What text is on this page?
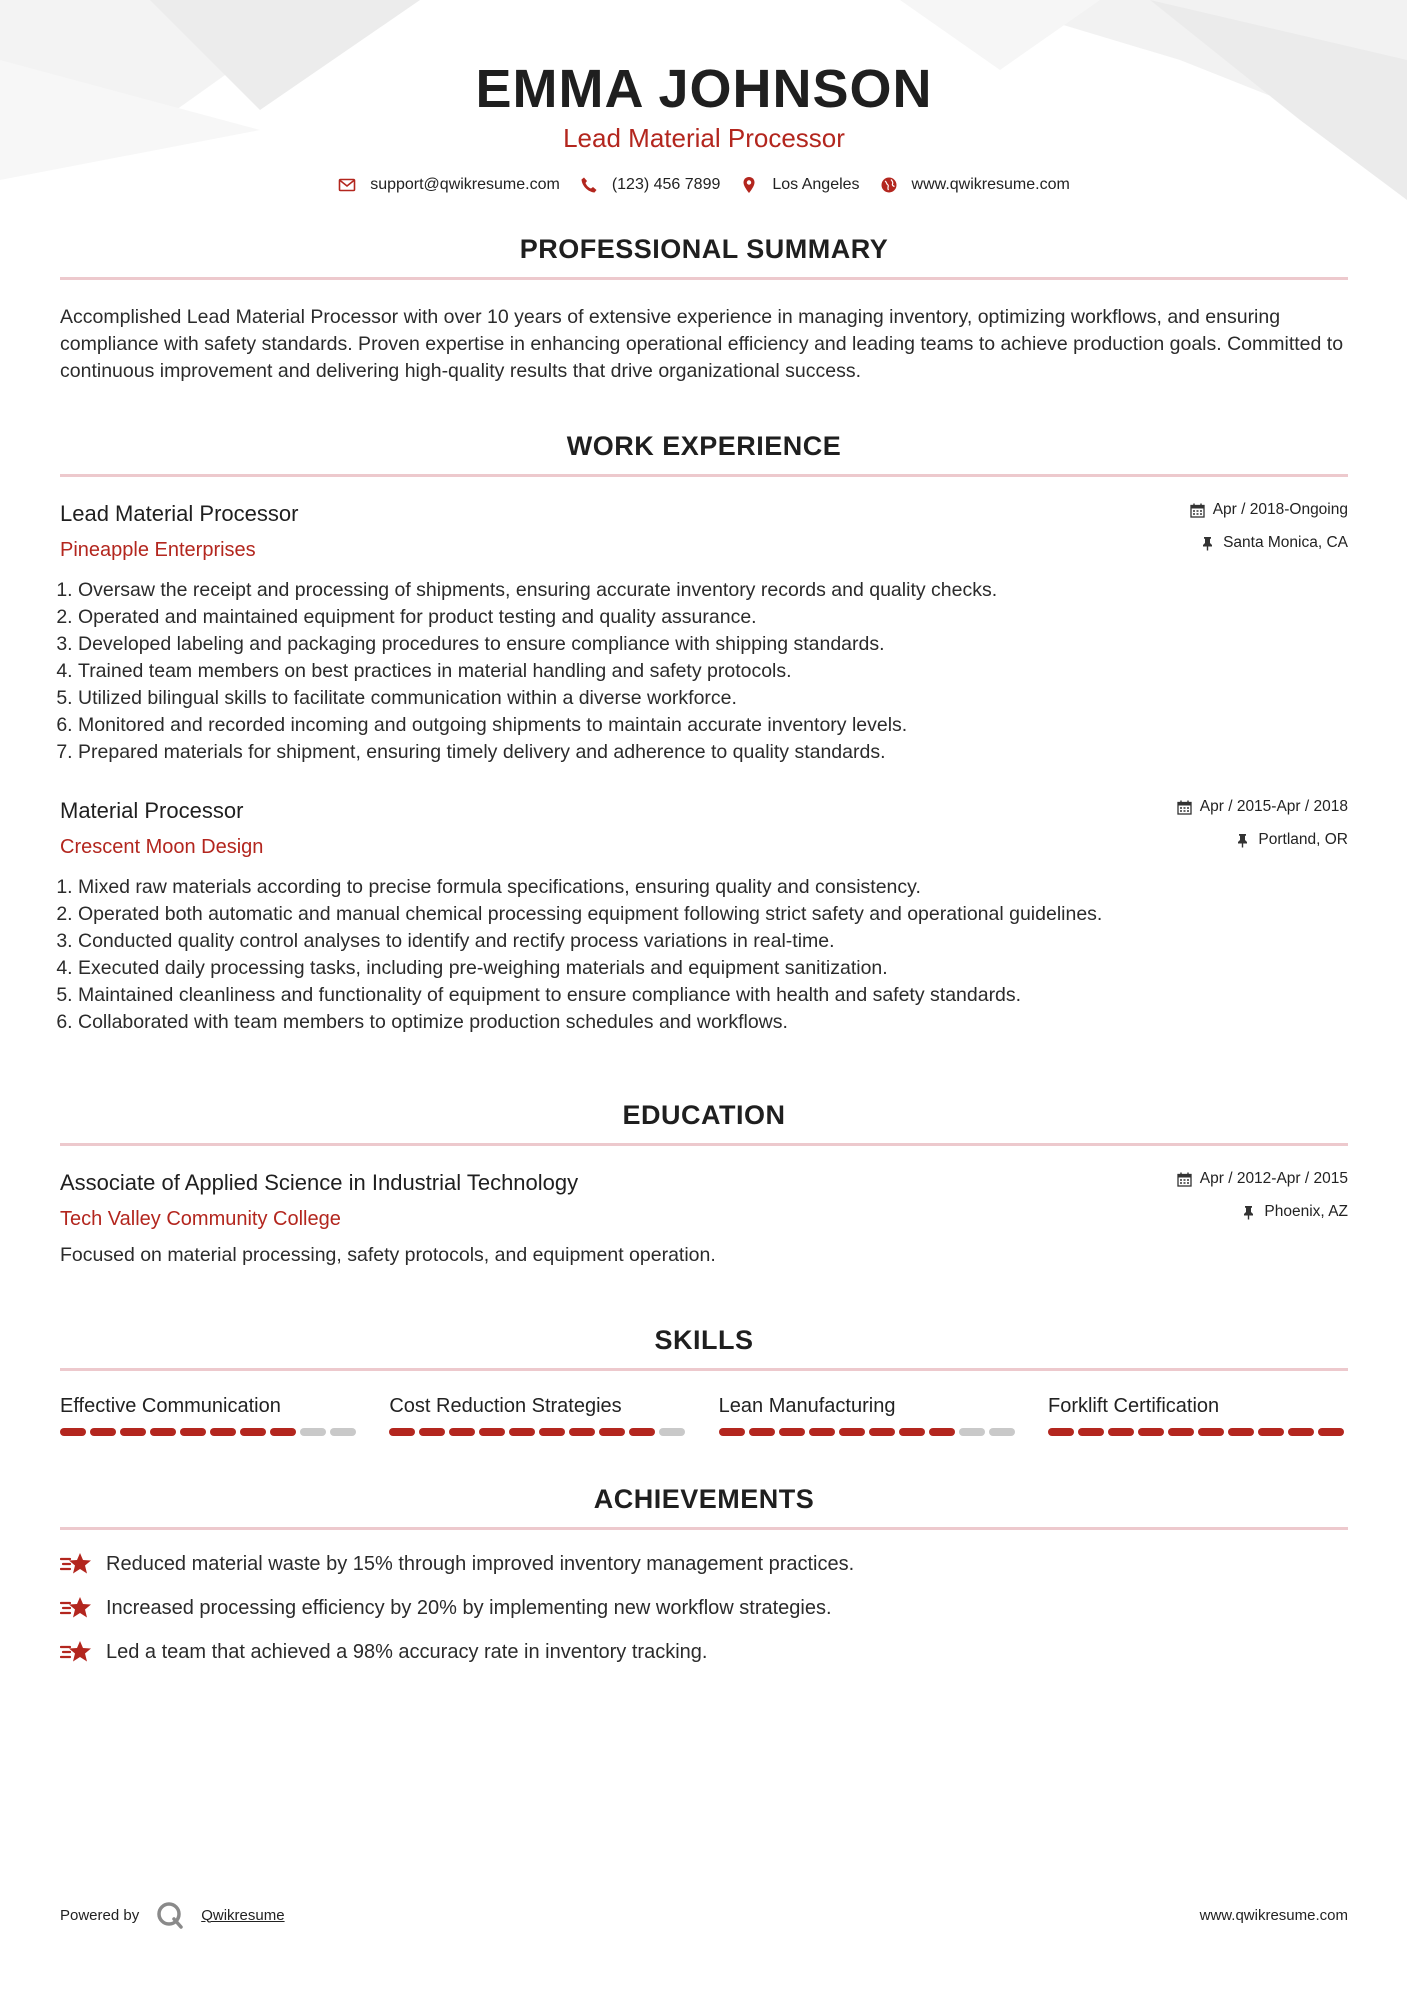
EMMA JOHNSON
Lead Material Processor
support@qwikresume.com	(123) 456 7899	Los Angeles	www.qwikresume.com
PROFESSIONAL SUMMARY
Accomplished Lead Material Processor with over 10 years of extensive experience in managing inventory, optimizing workflows, and ensuring compliance with safety standards. Proven expertise in enhancing operational efficiency and leading teams to achieve production goals. Committed to continuous improvement and delivering high-quality results that drive organizational success.
WORK EXPERIENCE
Lead Material Processor
Pineapple Enterprises
Apr / 2018-Ongoing
Santa Monica, CA
1. Oversaw the receipt and processing of shipments, ensuring accurate inventory records and quality checks.
2. Operated and maintained equipment for product testing and quality assurance.
3. Developed labeling and packaging procedures to ensure compliance with shipping standards.
4. Trained team members on best practices in material handling and safety protocols.
5. Utilized bilingual skills to facilitate communication within a diverse workforce.
6. Monitored and recorded incoming and outgoing shipments to maintain accurate inventory levels.
7. Prepared materials for shipment, ensuring timely delivery and adherence to quality standards.
Material Processor
Crescent Moon Design
Apr / 2015-Apr / 2018
Portland, OR
1. Mixed raw materials according to precise formula specifications, ensuring quality and consistency.
2. Operated both automatic and manual chemical processing equipment following strict safety and operational guidelines.
3. Conducted quality control analyses to identify and rectify process variations in real-time.
4. Executed daily processing tasks, including pre-weighing materials and equipment sanitization.
5. Maintained cleanliness and functionality of equipment to ensure compliance with health and safety standards.
6. Collaborated with team members to optimize production schedules and workflows.
EDUCATION
Associate of Applied Science in Industrial Technology
Tech Valley Community College
Apr / 2012-Apr / 2015
Phoenix, AZ
Focused on material processing, safety protocols, and equipment operation.
SKILLS
Effective Communication	Cost Reduction Strategies	Lean Manufacturing	Forklift Certification
ACHIEVEMENTS
Reduced material waste by 15% through improved inventory management practices.
Increased processing efficiency by 20% by implementing new workflow strategies.
Led a team that achieved a 98% accuracy rate in inventory tracking.
Powered by	Qwikresume	www.qwikresume.com
